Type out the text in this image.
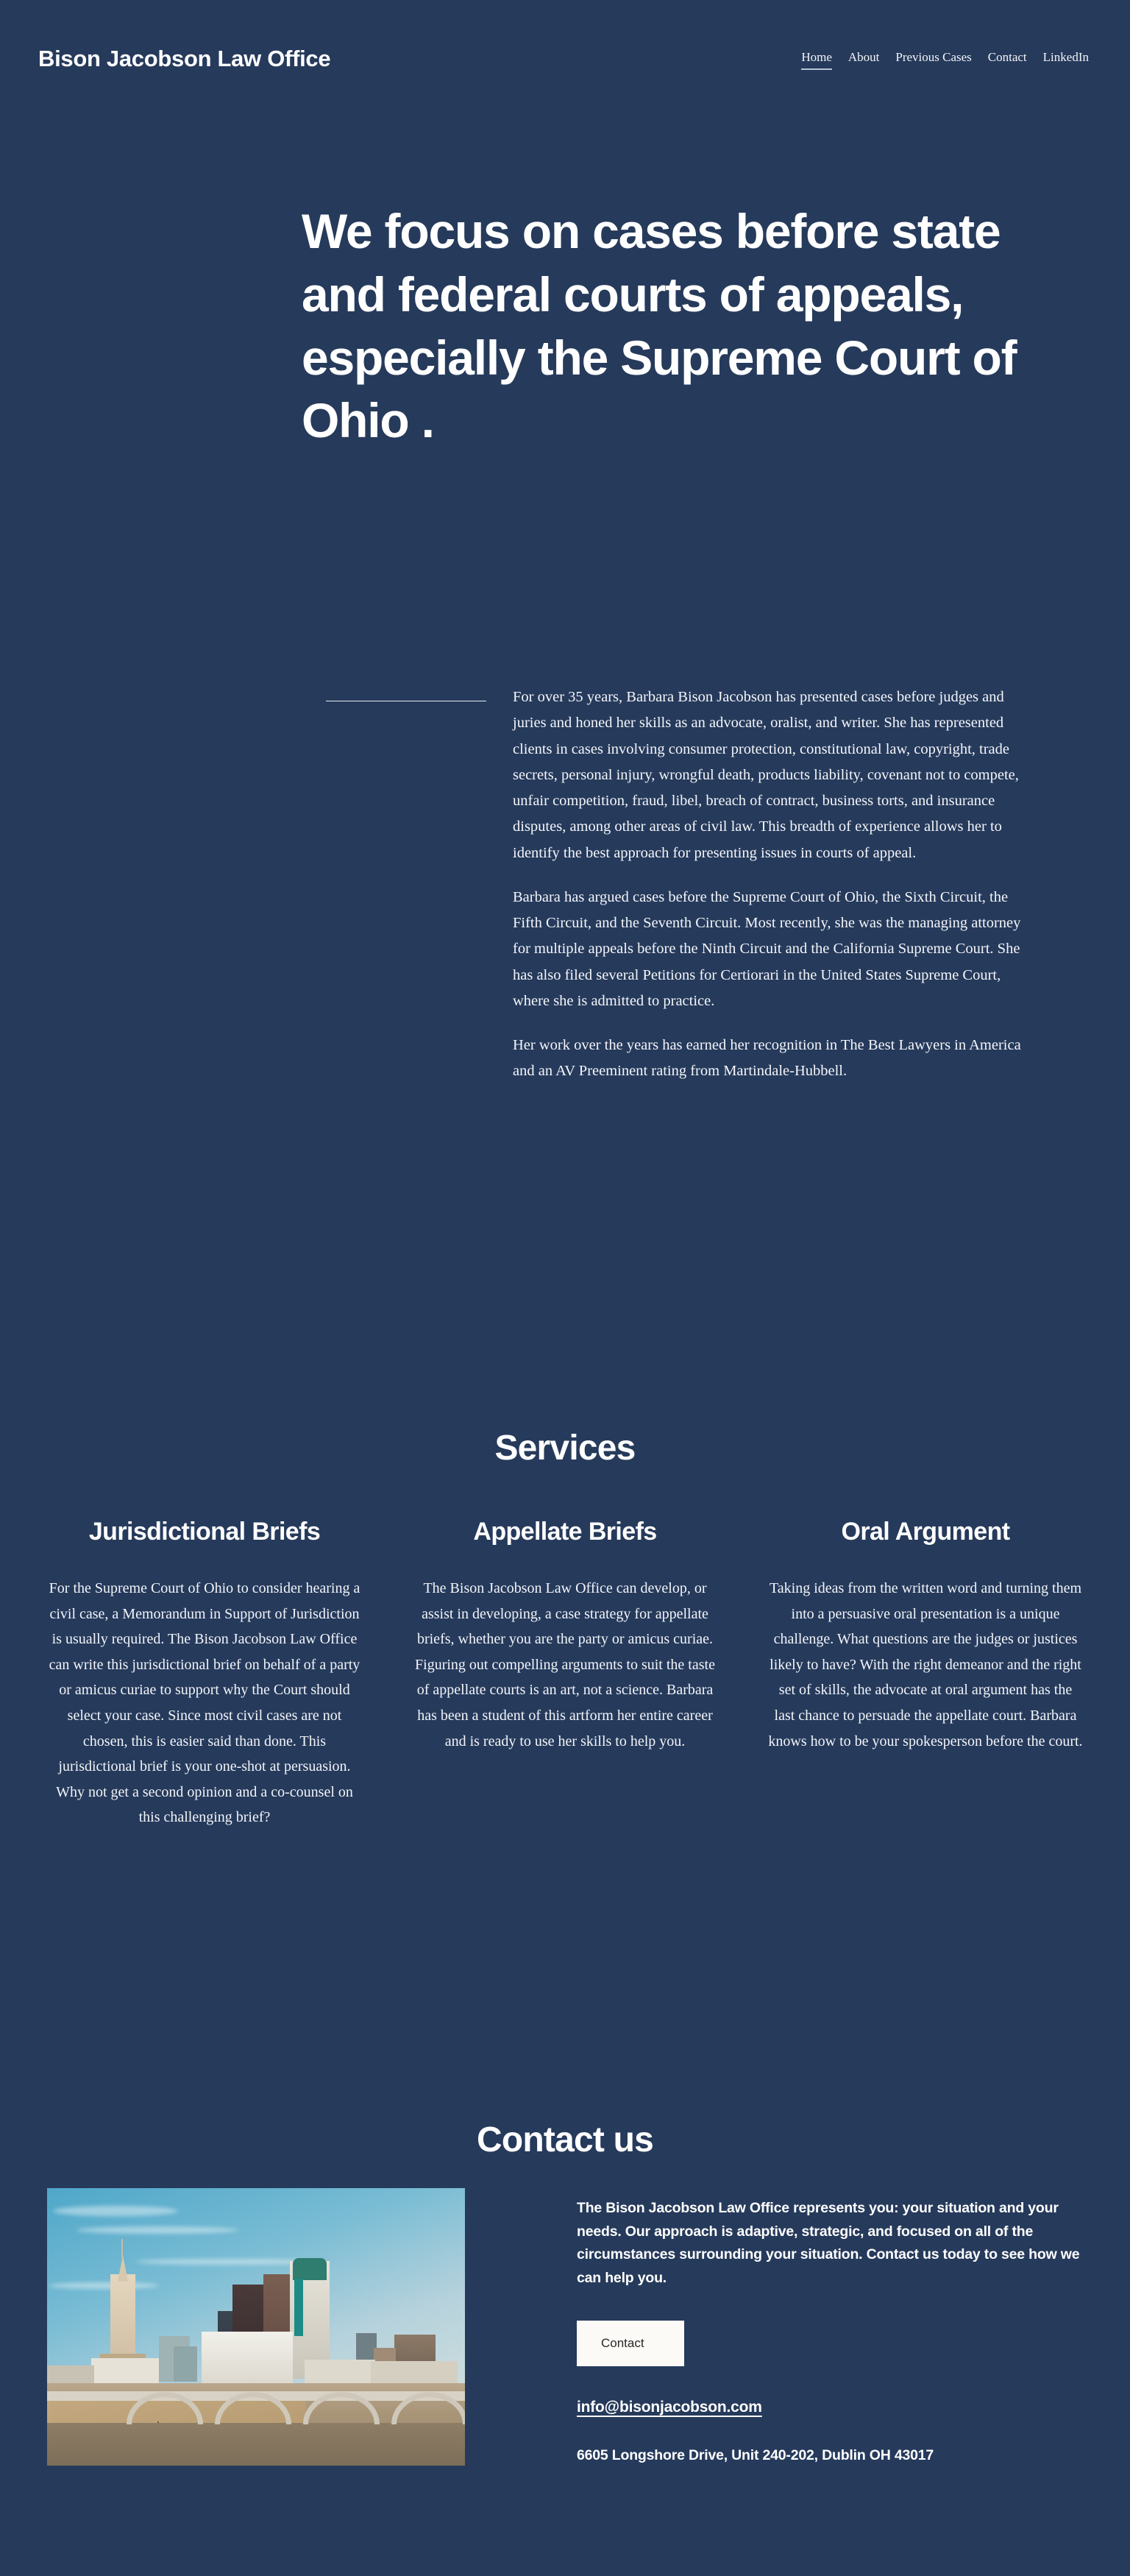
Bison Jacobson Law Office	Home About Previous Cases Contact LinkedIn
We focus on cases before state and federal courts of appeals, especially the Supreme Court of Ohio .

For over 35 years, Barbara Bison Jacobson has presented cases before judges and juries and honed her skills as an advocate, oralist, and writer. She has represented clients in cases involving consumer protection, constitutional law, copyright, trade secrets, personal injury, wrongful death, products liability, covenant not to compete, unfair competition, fraud, libel, breach of contract, business torts, and insurance disputes, among other areas of civil law. This breadth of experience allows her to identify the best approach for presenting issues in courts of appeal.

Barbara has argued cases before the Supreme Court of Ohio, the Sixth Circuit, the Fifth Circuit, and the Seventh Circuit. Most recently, she was the managing attorney for multiple appeals before the Ninth Circuit and the California Supreme Court. She has also filed several Petitions for Certiorari in the United States Supreme Court, where she is admitted to practice.

Her work over the years has earned her recognition in The Best Lawyers in America and an AV Preeminent rating from Martindale-Hubbell.

Services
Jurisdictional Briefs

For the Supreme Court of Ohio to consider hearing a civil case, a Memorandum in Support of Jurisdiction is usually required. The Bison Jacobson Law Office can write this jurisdictional brief on behalf of a party or amicus curiae to support why the Court should select your case. Since most civil cases are not chosen, this is easier said than done. This jurisdictional brief is your one-shot at persuasion. Why not get a second opinion and a co-counsel on this challenging brief?

Appellate Briefs

The Bison Jacobson Law Office can develop, or assist in developing, a case strategy for appellate briefs, whether you are the party or amicus curiae. Figuring out compelling arguments to suit the taste of appellate courts is an art, not a science. Barbara has been a student of this artform her entire career and is ready to use her skills to help you.

Oral Argument

Taking ideas from the written word and turning them into a persuasive oral presentation is a unique challenge. What questions are the judges or justices likely to have? With the right demeanor and the right set of skills, the advocate at oral argument has the last chance to persuade the appellate court. Barbara knows how to be your spokesperson before the court.

Contact us

The Bison Jacobson Law Office represents you: your situation and your needs. Our approach is adaptive, strategic, and focused on all of the circumstances surrounding your situation. Contact us today to see how we can help you.

Contact
info@bisonjacobson.com

6605 Longshore Drive, Unit 240-202, Dublin OH 43017
